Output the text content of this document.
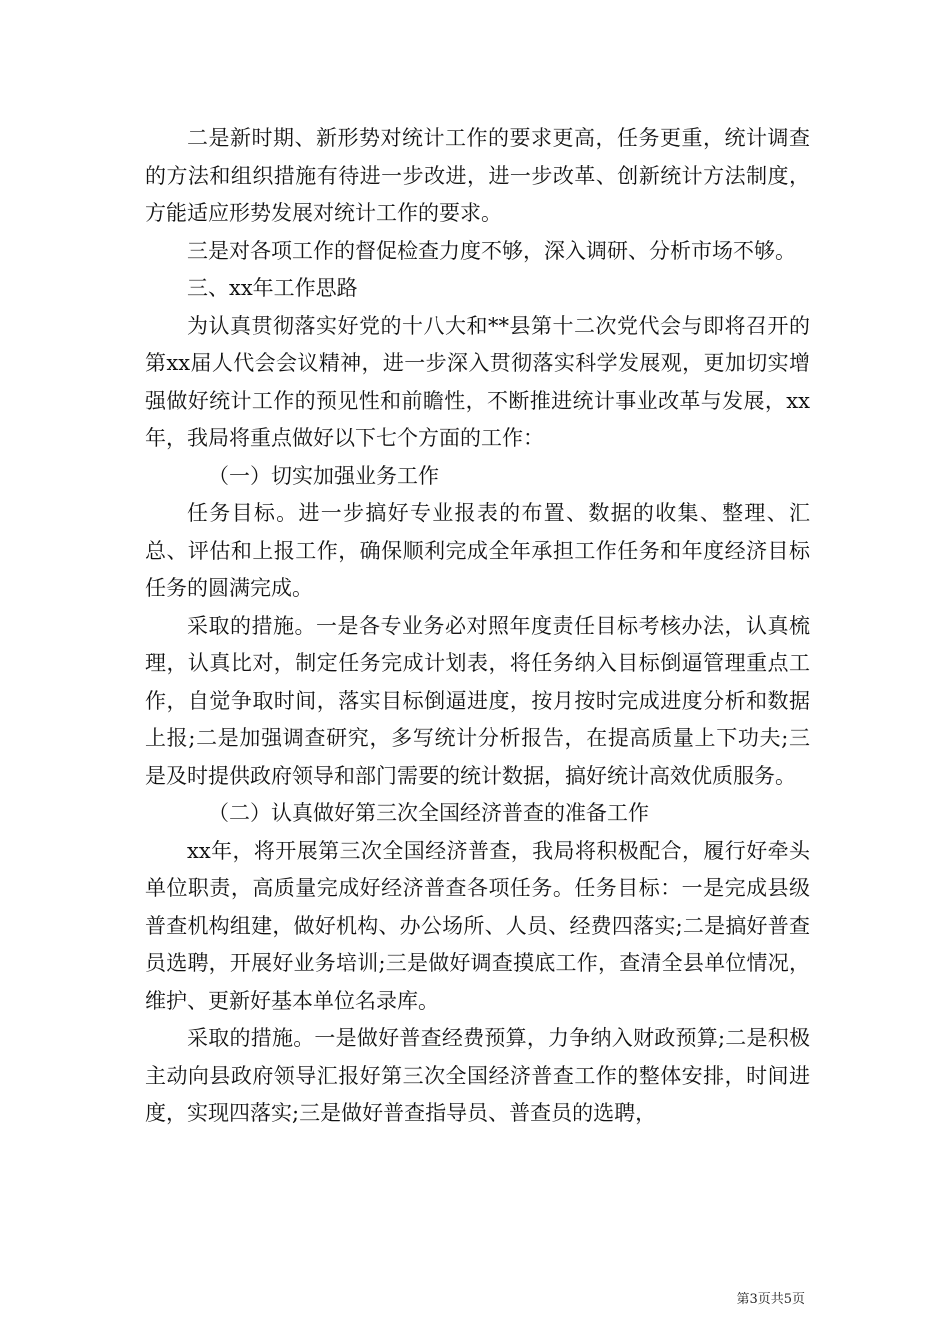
二是新时期、新形势对统计工作的要求更高，任务更重，统计调查的方法和组织措施有待进一步改进，进一步改革、创新统计方法制度，方能适应形势发展对统计工作的要求。

三是对各项工作的督促检查力度不够，深入调研、分析市场不够。

三、xx年工作思路

为认真贯彻落实好党的十八大和**县第十二次党代会与即将召开的第xx届人代会会议精神，进一步深入贯彻落实科学发展观，更加切实增强做好统计工作的预见性和前瞻性，不断推进统计事业改革与发展，xx年，我局将重点做好以下七个方面的工作：

（一）切实加强业务工作

任务目标。进一步搞好专业报表的布置、数据的收集、整理、汇总、评估和上报工作，确保顺利完成全年承担工作任务和年度经济目标任务的圆满完成。

采取的措施。一是各专业务必对照年度责任目标考核办法，认真梳理，认真比对，制定任务完成计划表，将任务纳入目标倒逼管理重点工作，自觉争取时间，落实目标倒逼进度，按月按时完成进度分析和数据上报;二是加强调查研究，多写统计分析报告，在提高质量上下功夫;三是及时提供政府领导和部门需要的统计数据，搞好统计高效优质服务。

（二）认真做好第三次全国经济普查的准备工作

xx年，将开展第三次全国经济普查，我局将积极配合，履行好牵头单位职责，高质量完成好经济普查各项任务。任务目标：一是完成县级普查机构组建，做好机构、办公场所、人员、经费四落实;二是搞好普查员选聘，开展好业务培训;三是做好调查摸底工作，查清全县单位情况，维护、更新好基本单位名录库。

采取的措施。一是做好普查经费预算，力争纳入财政预算;二是积极主动向县政府领导汇报好第三次全国经济普查工作的整体安排，时间进度，实现四落实;三是做好普查指导员、普查员的选聘，

第3页共5页
